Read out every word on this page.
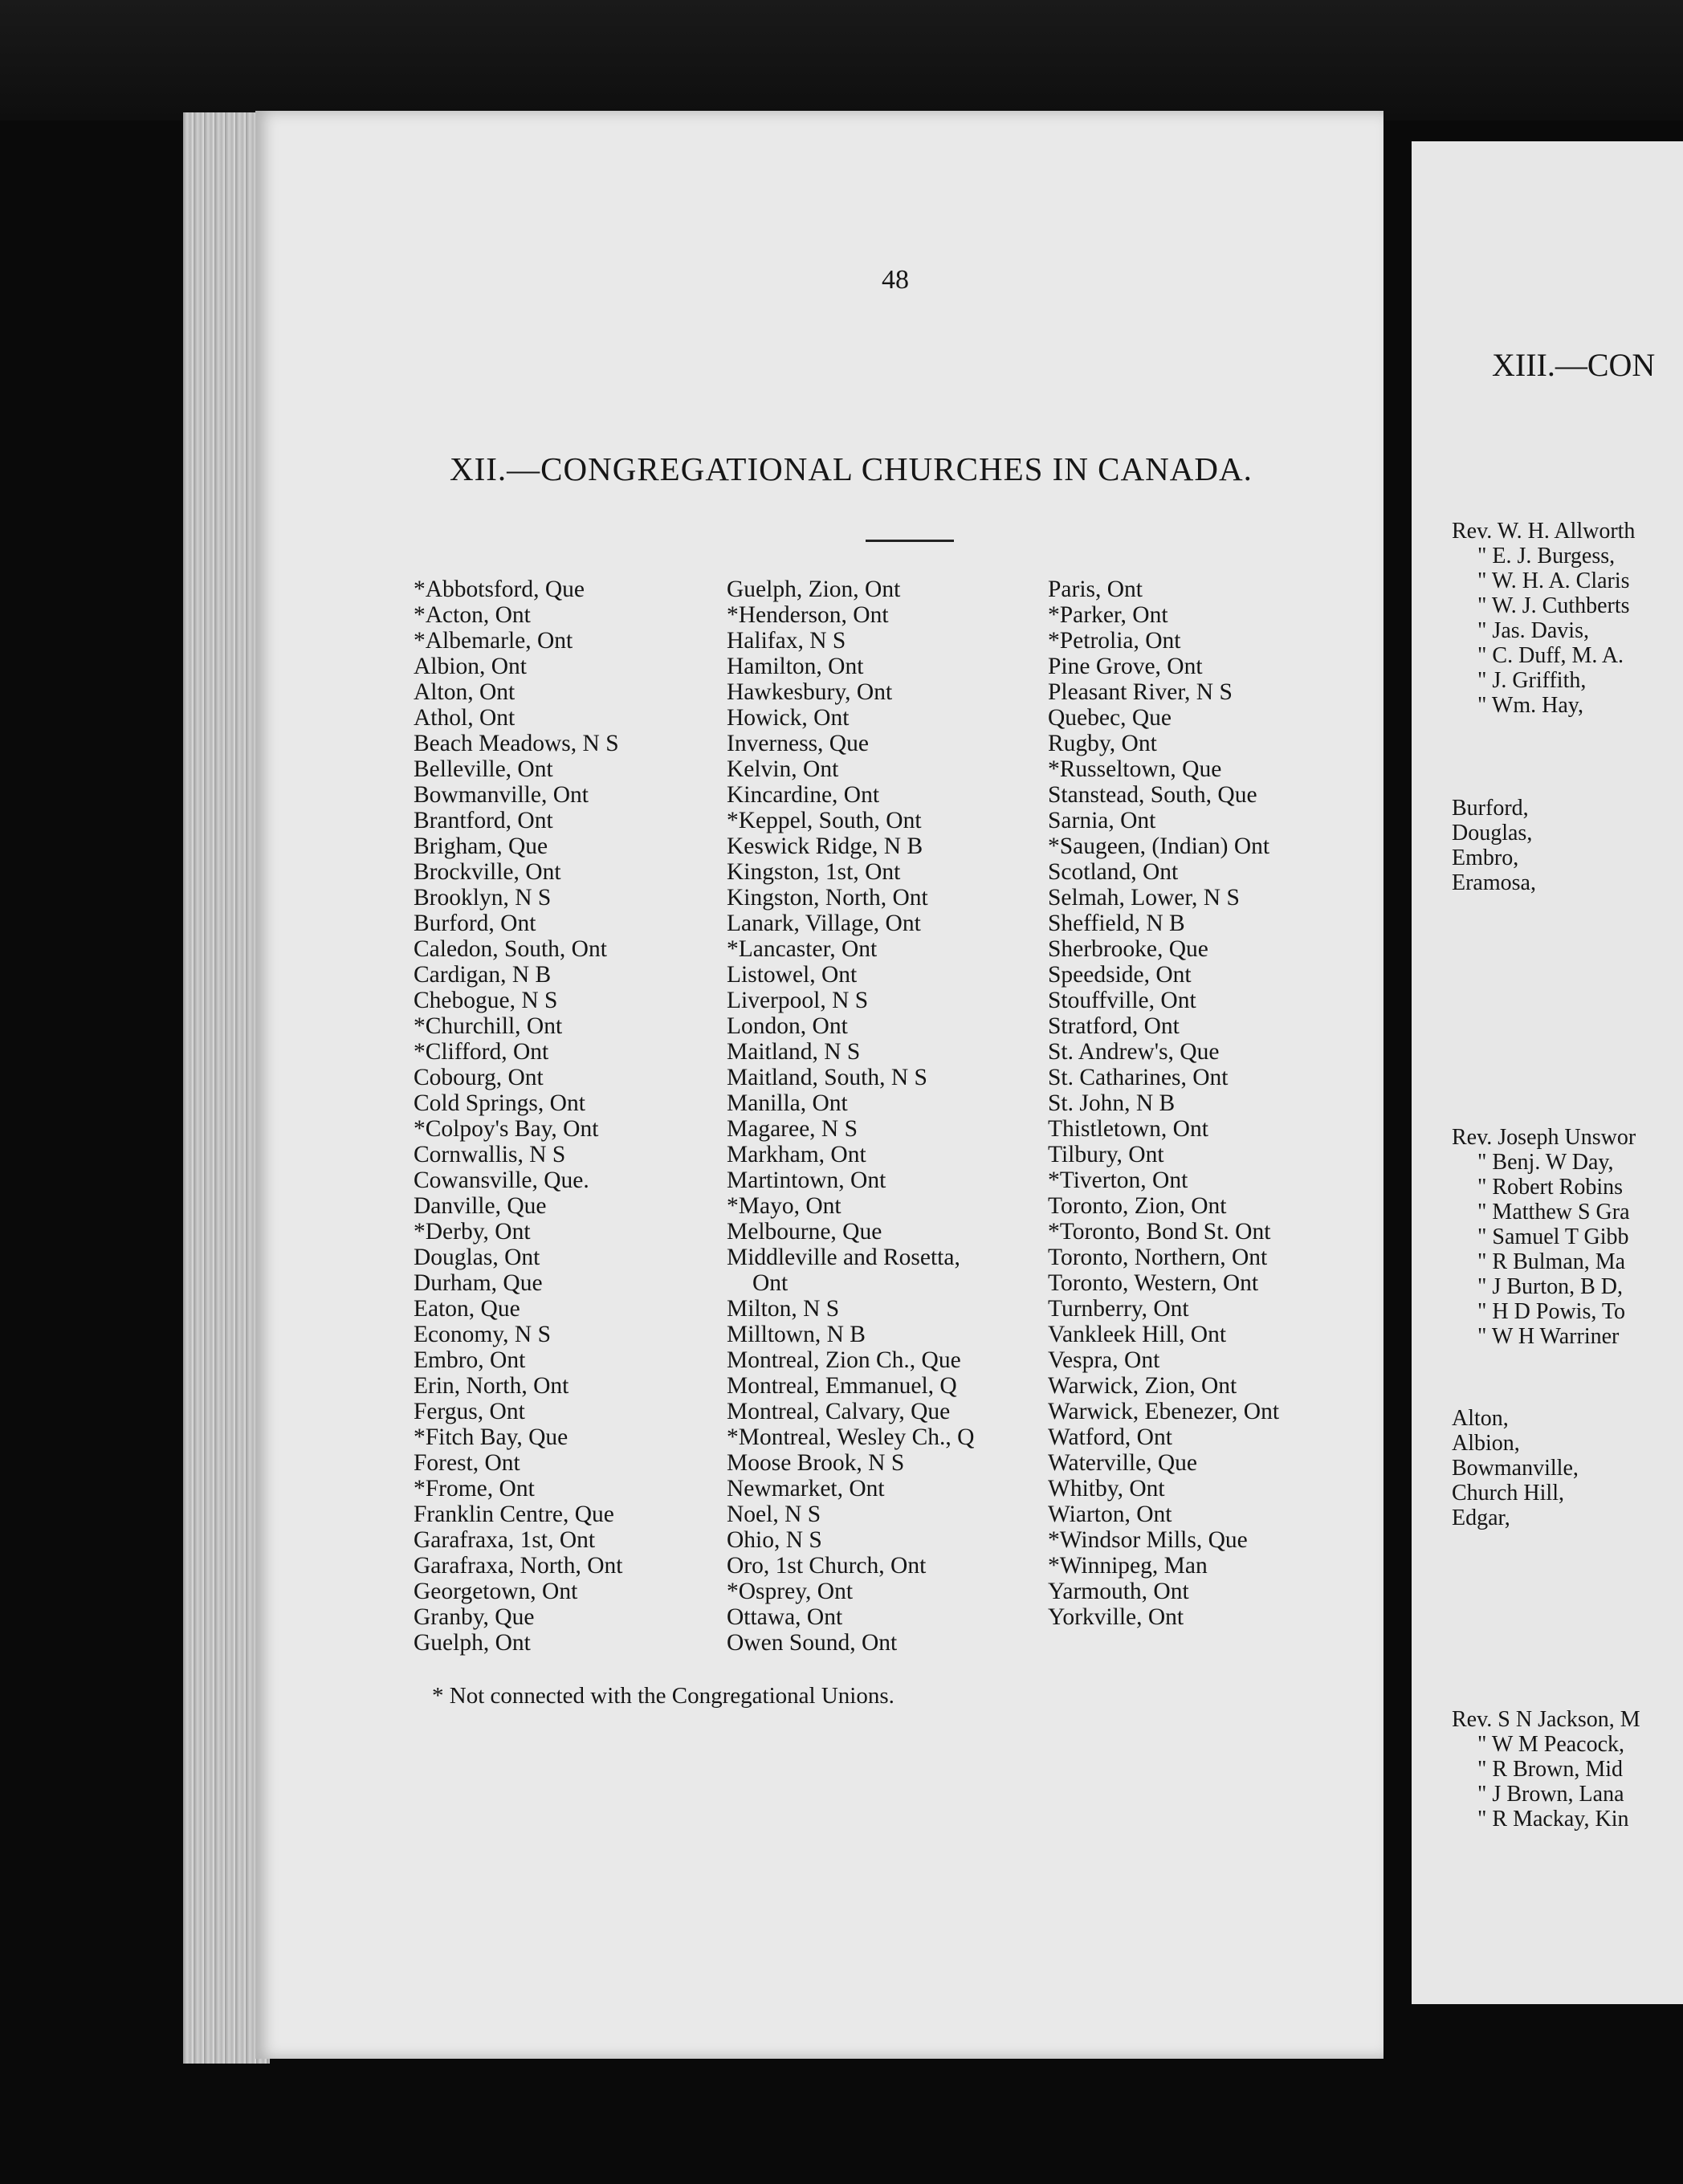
48
XII.—CONGREGATIONAL CHURCHES IN CANADA.
*Abbotsford, Que
*Acton, Ont
*Albemarle, Ont
Albion, Ont
Alton, Ont
Athol, Ont
Beach Meadows, N S
Belleville, Ont
Bowmanville, Ont
Brantford, Ont
Brigham, Que
Brockville, Ont
Brooklyn, N S
Burford, Ont
Caledon, South, Ont
Cardigan, N B
Chebogue, N S
*Churchill, Ont
*Clifford, Ont
Cobourg, Ont
Cold Springs, Ont
*Colpoy's Bay, Ont
Cornwallis, N S
Cowansville, Que.
Danville, Que
*Derby, Ont
Douglas, Ont
Durham, Que
Eaton, Que
Economy, N S
Embro, Ont
Erin, North, Ont
Fergus, Ont
*Fitch Bay, Que
Forest, Ont
*Frome, Ont
Franklin Centre, Que
Garafraxa, 1st, Ont
Garafraxa, North, Ont
Georgetown, Ont
Granby, Que
Guelph, Ont
Guelph, Zion, Ont
*Henderson, Ont
Halifax, N S
Hamilton, Ont
Hawkesbury, Ont
Howick, Ont
Inverness, Que
Kelvin, Ont
Kincardine, Ont
*Keppel, South, Ont
Keswick Ridge, N B
Kingston, 1st, Ont
Kingston, North, Ont
Lanark, Village, Ont
*Lancaster, Ont
Listowel, Ont
Liverpool, N S
London, Ont
Maitland, N S
Maitland, South, N S
Manilla, Ont
Magaree, N S
Markham, Ont
Martintown, Ont
*Mayo, Ont
Melbourne, Que
Middleville and Rosetta,
Ont
Milton, N S
Milltown, N B
Montreal, Zion Ch., Que
Montreal, Emmanuel, Q
Montreal, Calvary, Que
*Montreal, Wesley Ch., Q
Moose Brook, N S
Newmarket, Ont
Noel, N S
Ohio, N S
Oro, 1st Church, Ont
*Osprey, Ont
Ottawa, Ont
Owen Sound, Ont
Paris, Ont
*Parker, Ont
*Petrolia, Ont
Pine Grove, Ont
Pleasant River, N S
Quebec, Que
Rugby, Ont
*Russeltown, Que
Stanstead, South, Que
Sarnia, Ont
*Saugeen, (Indian) Ont
Scotland, Ont
Selmah, Lower, N S
Sheffield, N B
Sherbrooke, Que
Speedside, Ont
Stouffville, Ont
Stratford, Ont
St. Andrew's, Que
St. Catharines, Ont
St. John, N B
Thistletown, Ont
Tilbury, Ont
*Tiverton, Ont
Toronto, Zion, Ont
*Toronto, Bond St. Ont
Toronto, Northern, Ont
Toronto, Western, Ont
Turnberry, Ont
Vankleek Hill, Ont
Vespra, Ont
Warwick, Zion, Ont
Warwick, Ebenezer, Ont
Watford, Ont
Waterville, Que
Whitby, Ont
Wiarton, Ont
*Windsor Mills, Que
*Winnipeg, Man
Yarmouth, Ont
Yorkville, Ont
* Not connected with the Congregational Unions.
XIII.—CON
Rev. W. H. Allworth
" E. J. Burgess,
" W. H. A. Claris
" W. J. Cuthberts
" Jas. Davis,
" C. Duff, M. A.
" J. Griffith,
" Wm. Hay,
Burford,
Douglas,
Embro,
Eramosa,
Rev. Joseph Unswor
" Benj. W Day,
" Robert Robins
" Matthew S Gra
" Samuel T Gibb
" R Bulman, Ma
" J Burton, B D,
" H D Powis, To
" W H Warriner
Alton,
Albion,
Bowmanville,
Church Hill,
Edgar,
Rev. S N Jackson, M
" W M Peacock,
" R Brown, Mid
" J Brown, Lana
" R Mackay, Kin
